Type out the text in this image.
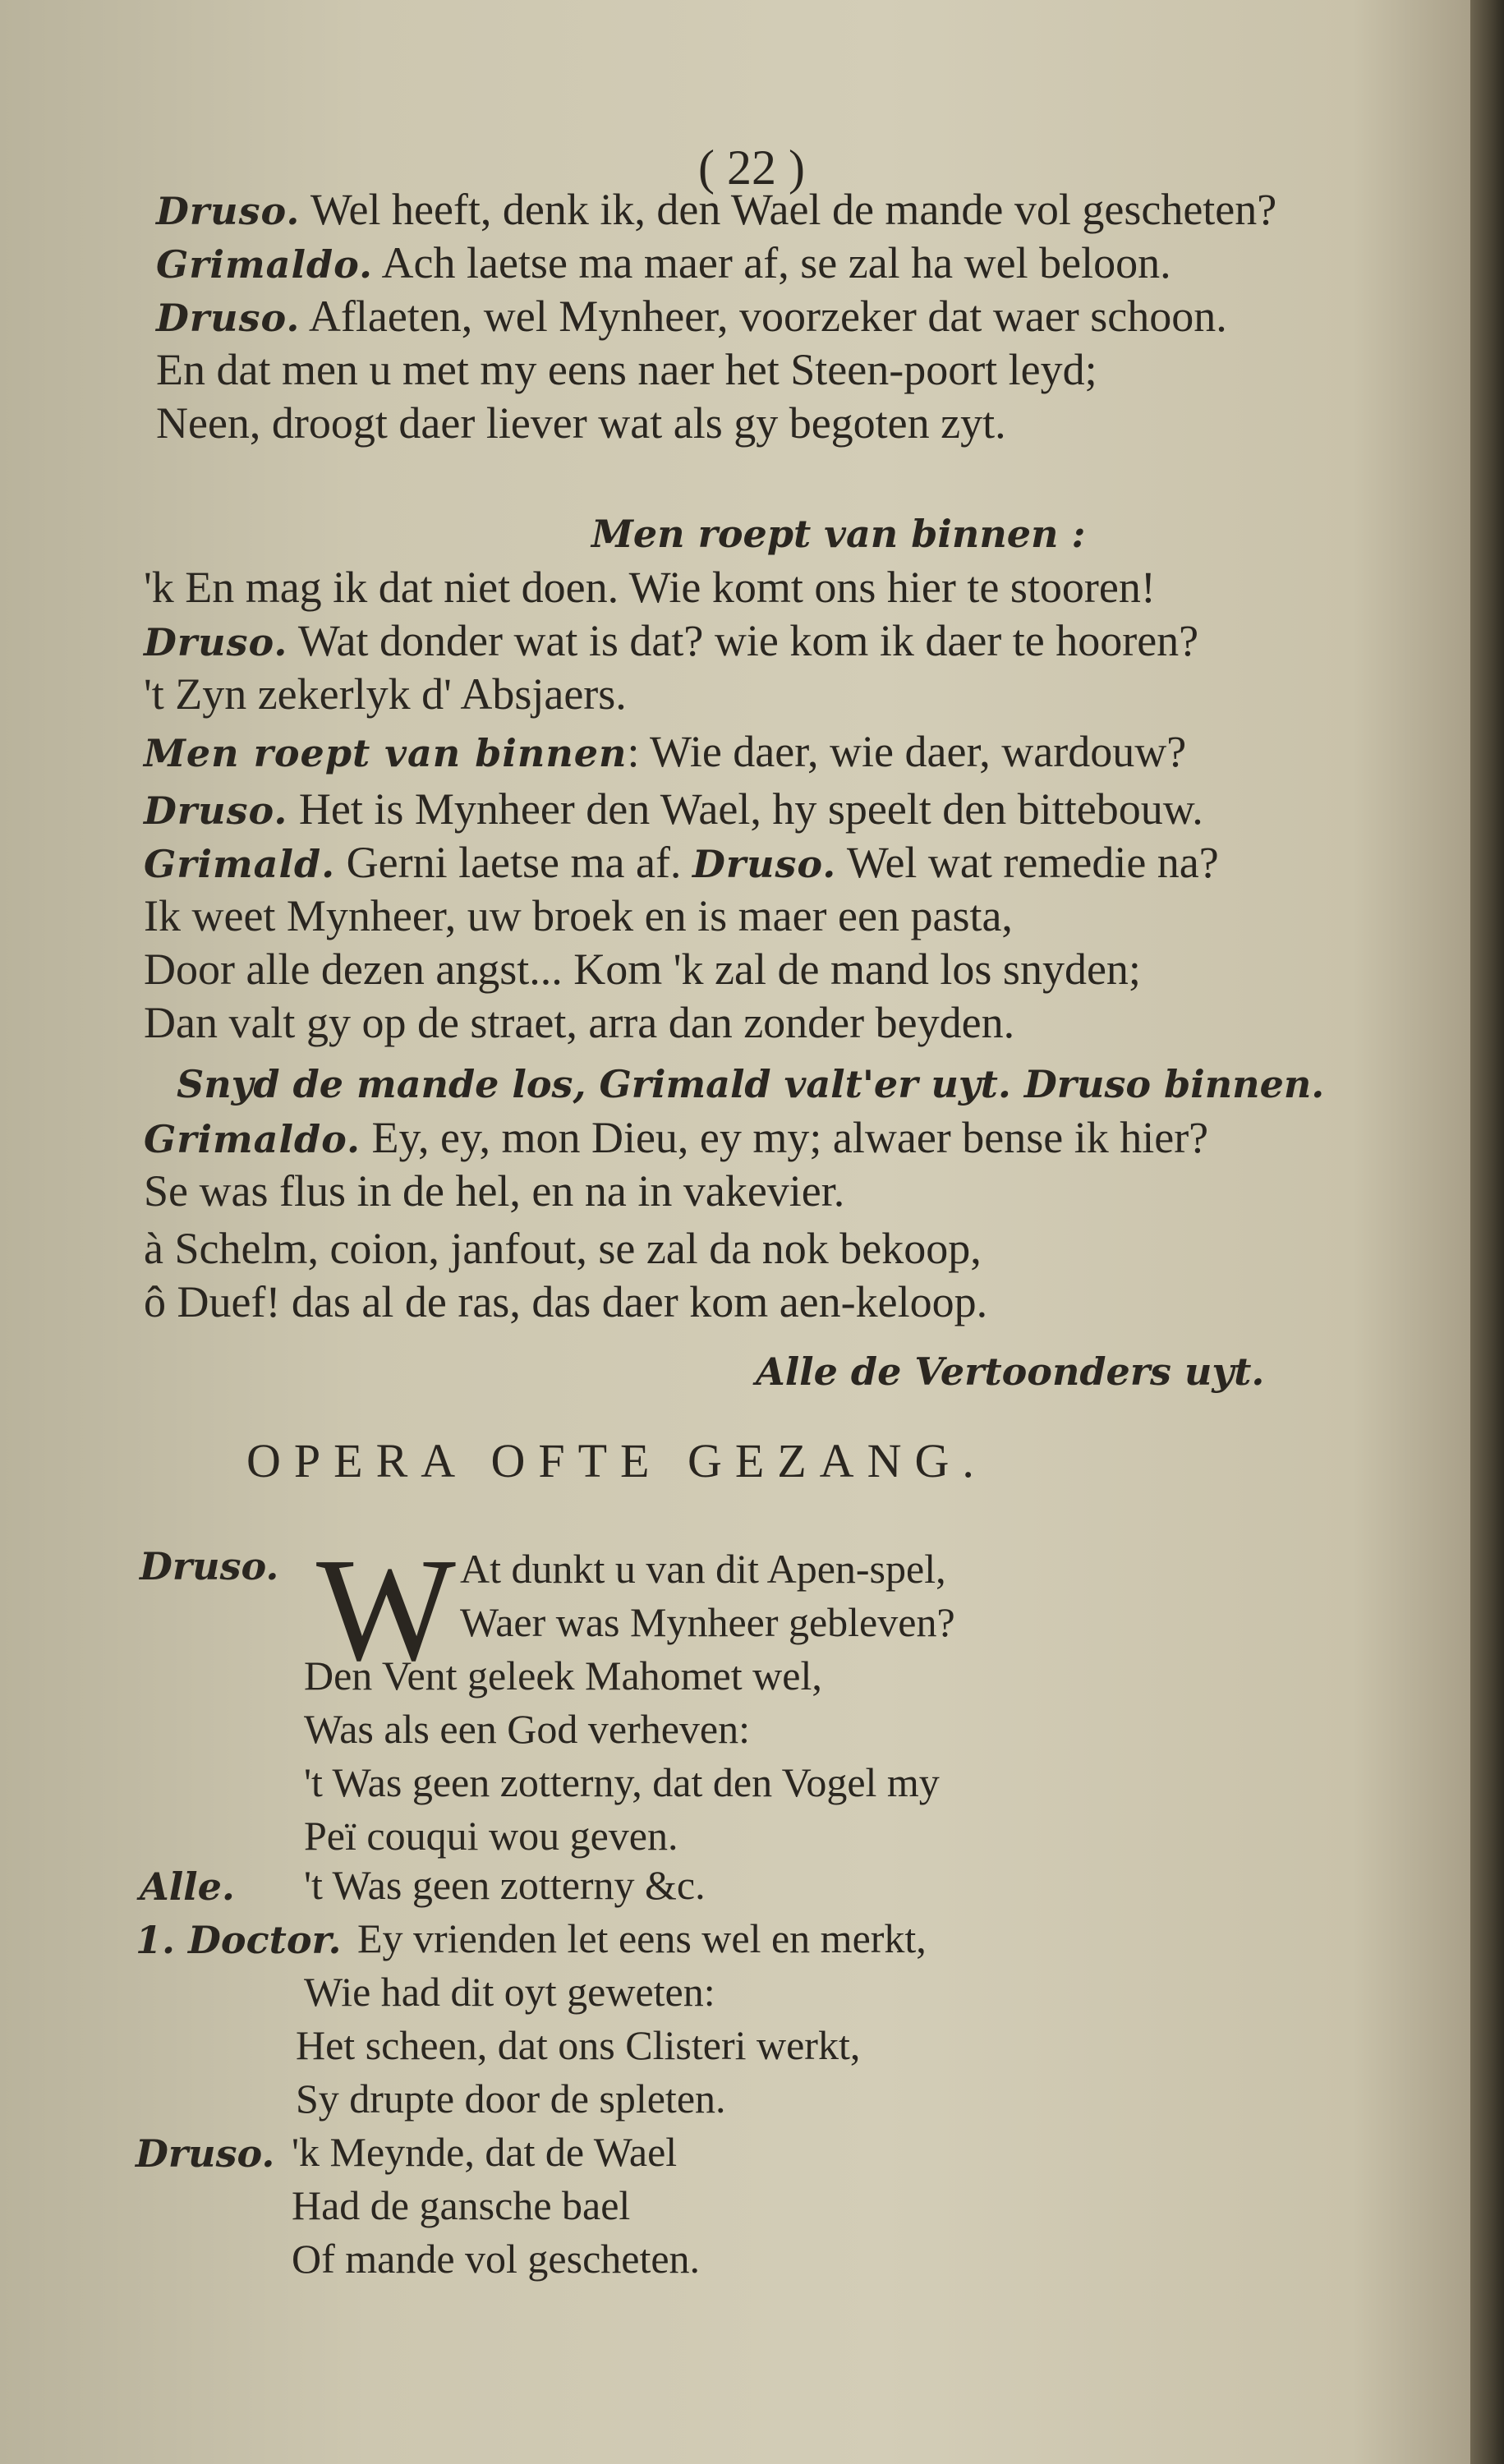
( 22 )

Druso. Wel heeft, denk ik, den Wael de mande vol gescheten?

Grimaldo. Ach laetse ma maer af, se zal ha wel beloon.

Druso. Aflaeten, wel Mynheer, voorzeker dat waer schoon.

En dat men u met my eens naer het Steen-poort leyd;

Neen, droogt daer liever wat als gy begoten zyt.

Men roept van binnen :

'k En mag ik dat niet doen. Wie komt ons hier te stooren!

Druso. Wat donder wat is dat? wie kom ik daer te hooren?

't Zyn zekerlyk d' Absjaers.

Men roept van binnen: Wie daer, wie daer, wardouw?

Druso. Het is Mynheer den Wael, hy speelt den bittebouw.

Grimald. Gerni laetse ma af. Druso. Wel wat remedie na?

Ik weet Mynheer, uw broek en is maer een pasta,

Door alle dezen angst... Kom 'k zal de mand los snyden;

Dan valt gy op de straet, arra dan zonder beyden.

Snyd de mande los, Grimald valt'er uyt. Druso binnen.

Grimaldo. Ey, ey, mon Dieu, ey my; alwaer bense ik hier?

Se was flus in de hel, en na in vakevier.

à Schelm, coion, janfout, se zal da nok bekoop,

ô Duef! das al de ras, das daer kom aen-keloop.

Alle de Vertoonders uyt.

OPERA OFTE GEZANG.
W

Druso.	At dunkt u van dit Apen-spel,

Waer was Mynheer gebleven?

Den Vent geleek Mahomet wel,

Was als een God verheven:

't Was geen zotterny, dat den Vogel my

Peï couqui wou geven.

Alle. 't Was geen zotterny &c.

1. Doctor. Ey vrienden let eens wel en merkt,

Wie had dit oyt geweten:

Het scheen, dat ons Clisteri werkt,

Sy drupte door de spleten.

Druso. 'k Meynde, dat de Wael

Had de gansche bael

Of mande vol gescheten.
